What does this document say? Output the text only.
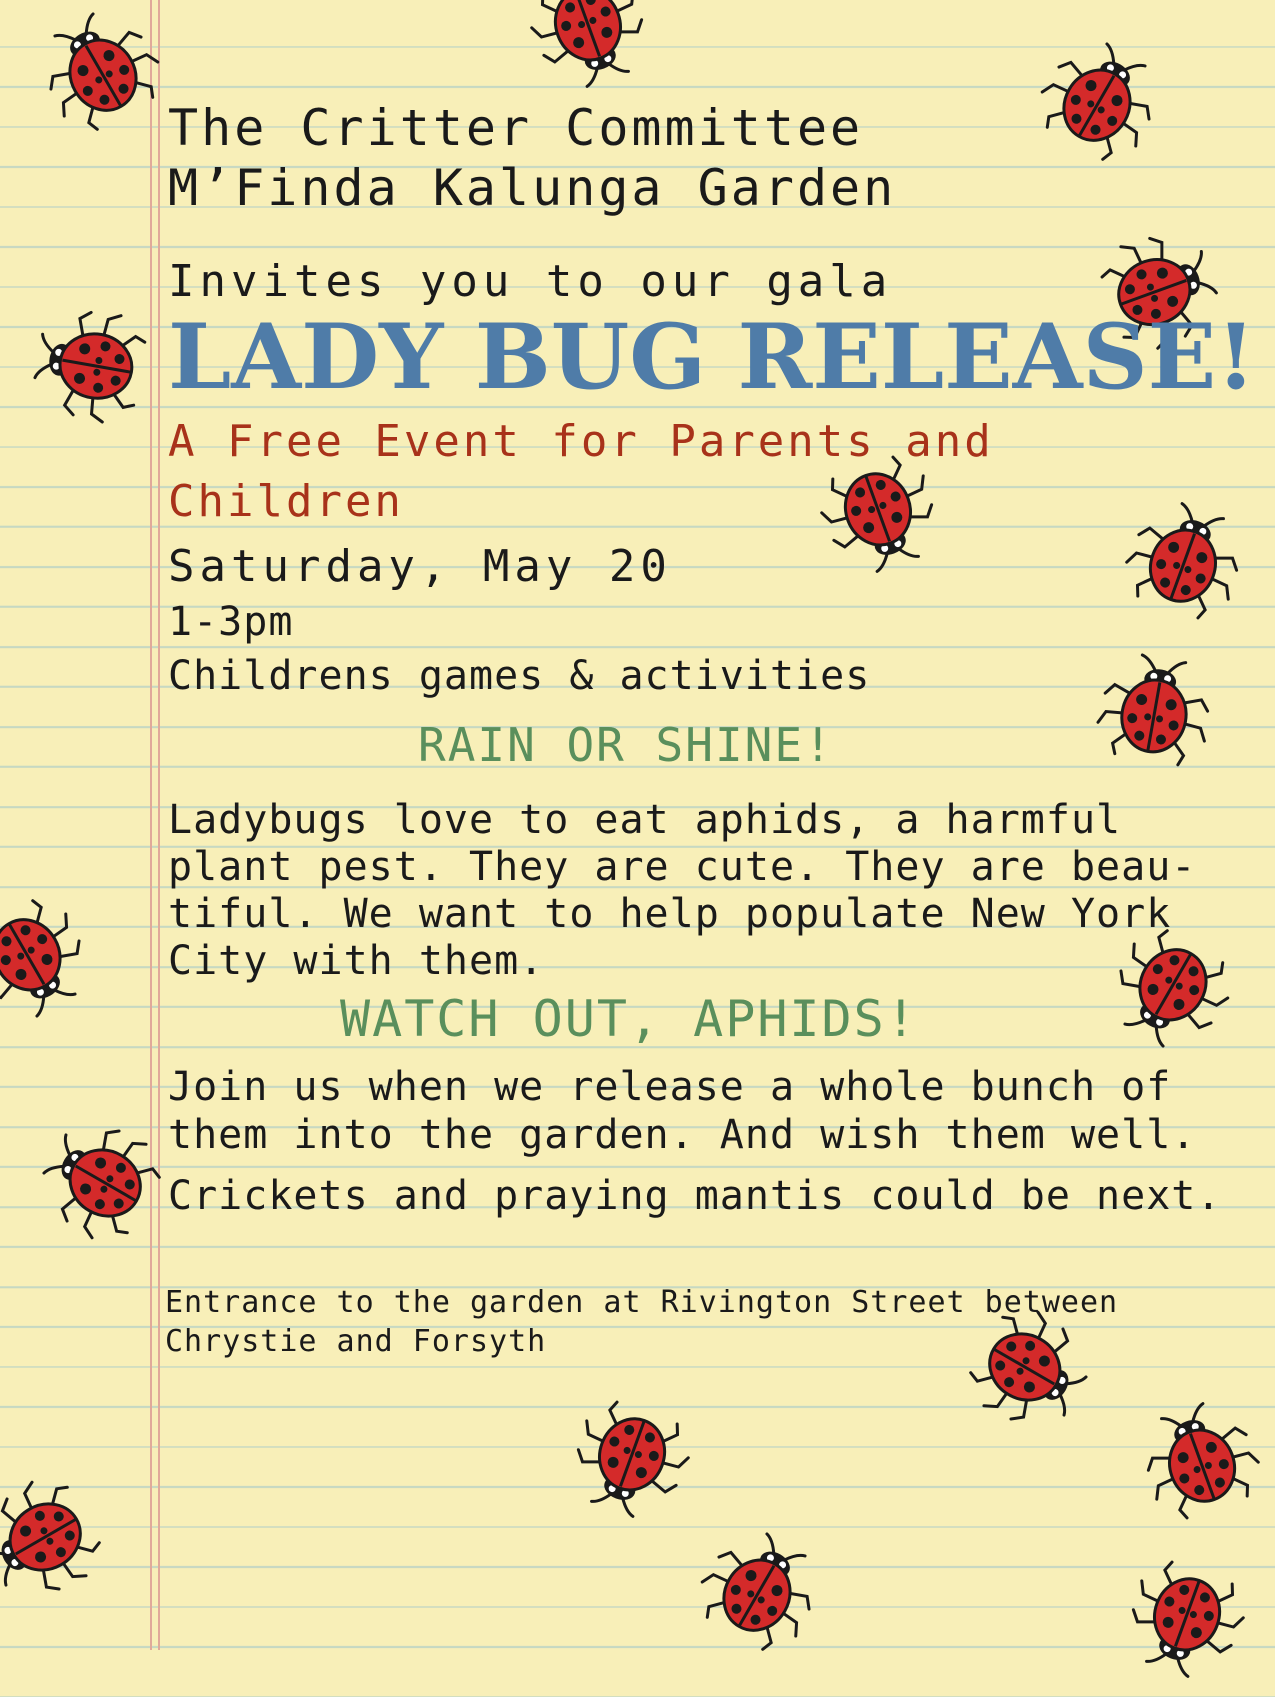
The Critter Committee
M’Finda Kalunga Garden
Invites you to our gala
LADY BUG RELEASE!
A Free Event for Parents and
Children
Saturday, May 20
1-3pm
Childrens games & activities
RAIN OR SHINE!
Ladybugs love to eat aphids, a harmful
plant pest. They are cute. They are beau-
tiful. We want to help populate New York
City with them.
WATCH OUT, APHIDS!
Join us when we release a whole bunch of
them into the garden. And wish them well.
Crickets and praying mantis could be next.
Entrance to the garden at Rivington Street between
Chrystie and Forsyth
